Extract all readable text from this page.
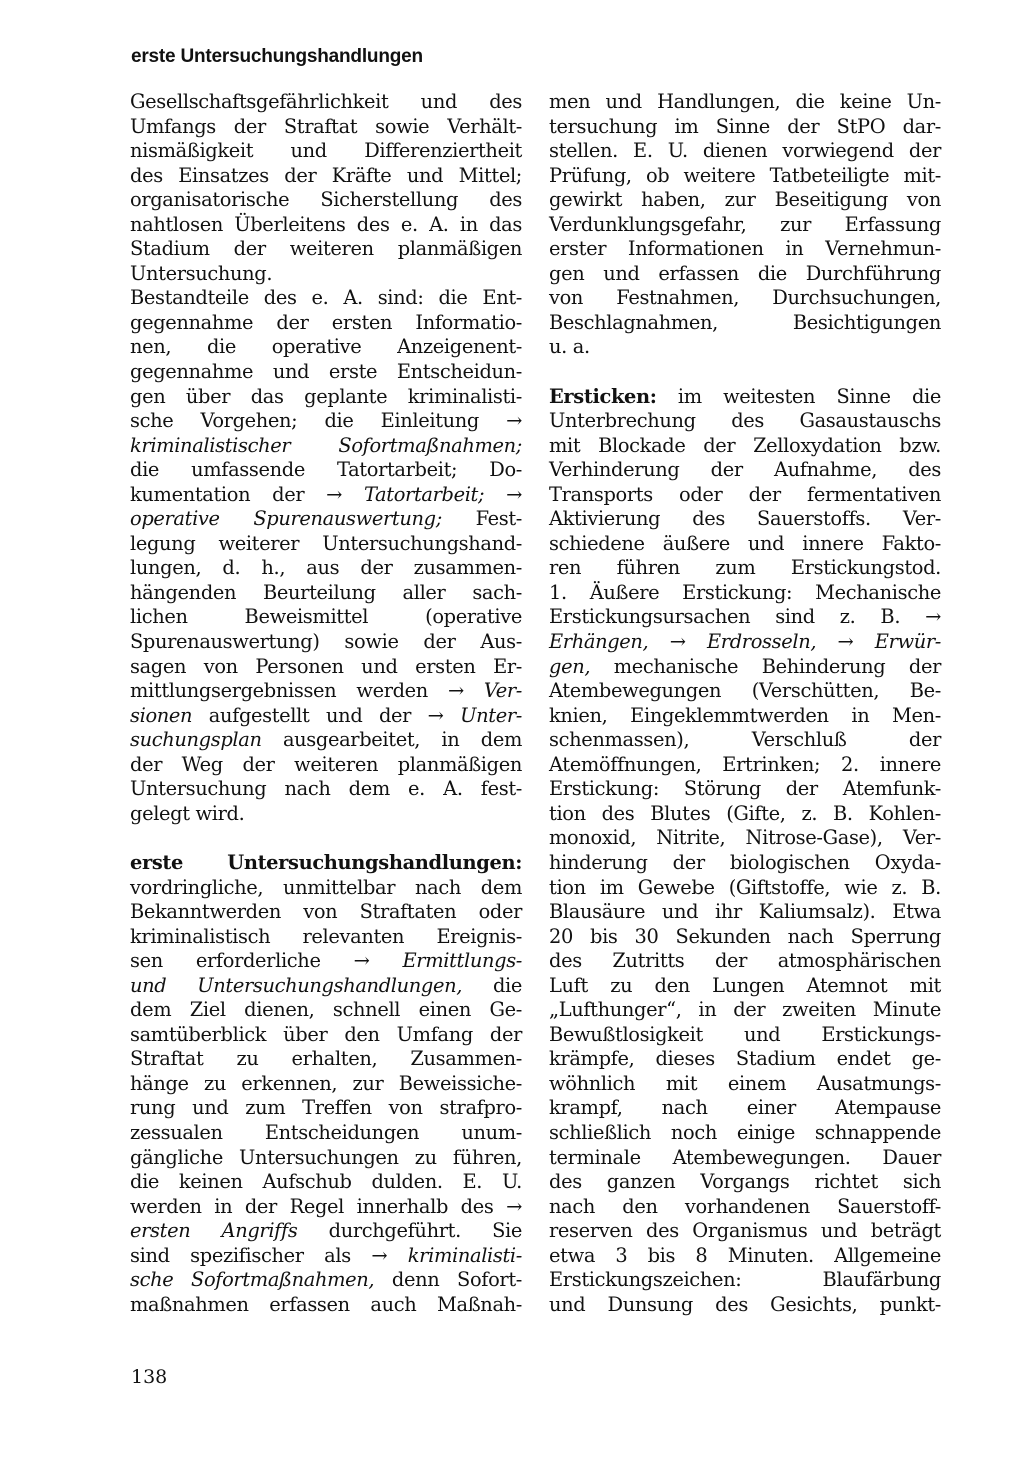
erste Untersuchungshandlungen
Gesellschaftsgefährlichkeit und des
Umfangs der Straftat sowie Verhält-
nismäßigkeit und Differenziertheit
des Einsatzes der Kräfte und Mittel;
organisatorische Sicherstellung des
nahtlosen Überleitens des e. A. in das
Stadium der weiteren planmäßigen
Untersuchung.
Bestandteile des e. A. sind: die Ent-
gegennahme der ersten Informatio-
nen, die operative Anzeigenent-
gegennahme und erste Entscheidun-
gen über das geplante kriminalisti-
sche Vorgehen; die Einleitung →
kriminalistischer Sofortmaßnahmen;
die umfassende Tatortarbeit; Do-
kumentation der → Tatortarbeit; →
operative Spurenauswertung; Fest-
legung weiterer Untersuchungshand-
lungen, d. h., aus der zusammen-
hängenden Beurteilung aller sach-
lichen Beweismittel (operative
Spurenauswertung) sowie der Aus-
sagen von Personen und ersten Er-
mittlungsergebnissen werden → Ver-
sionen aufgestellt und der → Unter-
suchungsplan ausgearbeitet, in dem
der Weg der weiteren planmäßigen
Untersuchung nach dem e. A. fest-
gelegt wird.
erste Untersuchungshandlungen:
vordringliche, unmittelbar nach dem
Bekanntwerden von Straftaten oder
kriminalistisch relevanten Ereignis-
sen erforderliche → Ermittlungs-
und Untersuchungshandlungen, die
dem Ziel dienen, schnell einen Ge-
samtüberblick über den Umfang der
Straftat zu erhalten, Zusammen-
hänge zu erkennen, zur Beweissiche-
rung und zum Treffen von strafpro-
zessualen Entscheidungen unum-
gängliche Untersuchungen zu führen,
die keinen Aufschub dulden. E. U.
werden in der Regel innerhalb des →
ersten Angriffs durchgeführt. Sie
sind spezifischer als → kriminalisti-
sche Sofortmaßnahmen, denn Sofort-
maßnahmen erfassen auch Maßnah-
men und Handlungen, die keine Un-
tersuchung im Sinne der StPO dar-
stellen. E. U. dienen vorwiegend der
Prüfung, ob weitere Tatbeteiligte mit-
gewirkt haben, zur Beseitigung von
Verdunklungsgefahr, zur Erfassung
erster Informationen in Vernehmun-
gen und erfassen die Durchführung
von Festnahmen, Durchsuchungen,
Beschlagnahmen, Besichtigungen
u. a.
Ersticken: im weitesten Sinne die
Unterbrechung des Gasaustauschs
mit Blockade der Zelloxydation bzw.
Verhinderung der Aufnahme, des
Transports oder der fermentativen
Aktivierung des Sauerstoffs. Ver-
schiedene äußere und innere Fakto-
ren führen zum Erstickungstod.
1. Äußere Erstickung: Mechanische
Erstickungsursachen sind z. B. →
Erhängen, → Erdrosseln, → Erwür-
gen, mechanische Behinderung der
Atembewegungen (Verschütten, Be-
knien, Eingeklemmtwerden in Men-
schenmassen), Verschluß der
Atemöffnungen, Ertrinken; 2. innere
Erstickung: Störung der Atemfunk-
tion des Blutes (Gifte, z. B. Kohlen-
monoxid, Nitrite, Nitrose-Gase), Ver-
hinderung der biologischen Oxyda-
tion im Gewebe (Giftstoffe, wie z. B.
Blausäure und ihr Kaliumsalz). Etwa
20 bis 30 Sekunden nach Sperrung
des Zutritts der atmosphärischen
Luft zu den Lungen Atemnot mit
„Lufthunger“, in der zweiten Minute
Bewußtlosigkeit und Erstickungs-
krämpfe, dieses Stadium endet ge-
wöhnlich mit einem Ausatmungs-
krampf, nach einer Atempause
schließlich noch einige schnappende
terminale Atembewegungen. Dauer
des ganzen Vorgangs richtet sich
nach den vorhandenen Sauerstoff-
reserven des Organismus und beträgt
etwa 3 bis 8 Minuten. Allgemeine
Erstickungszeichen: Blaufärbung
und Dunsung des Gesichts, punkt-
138
